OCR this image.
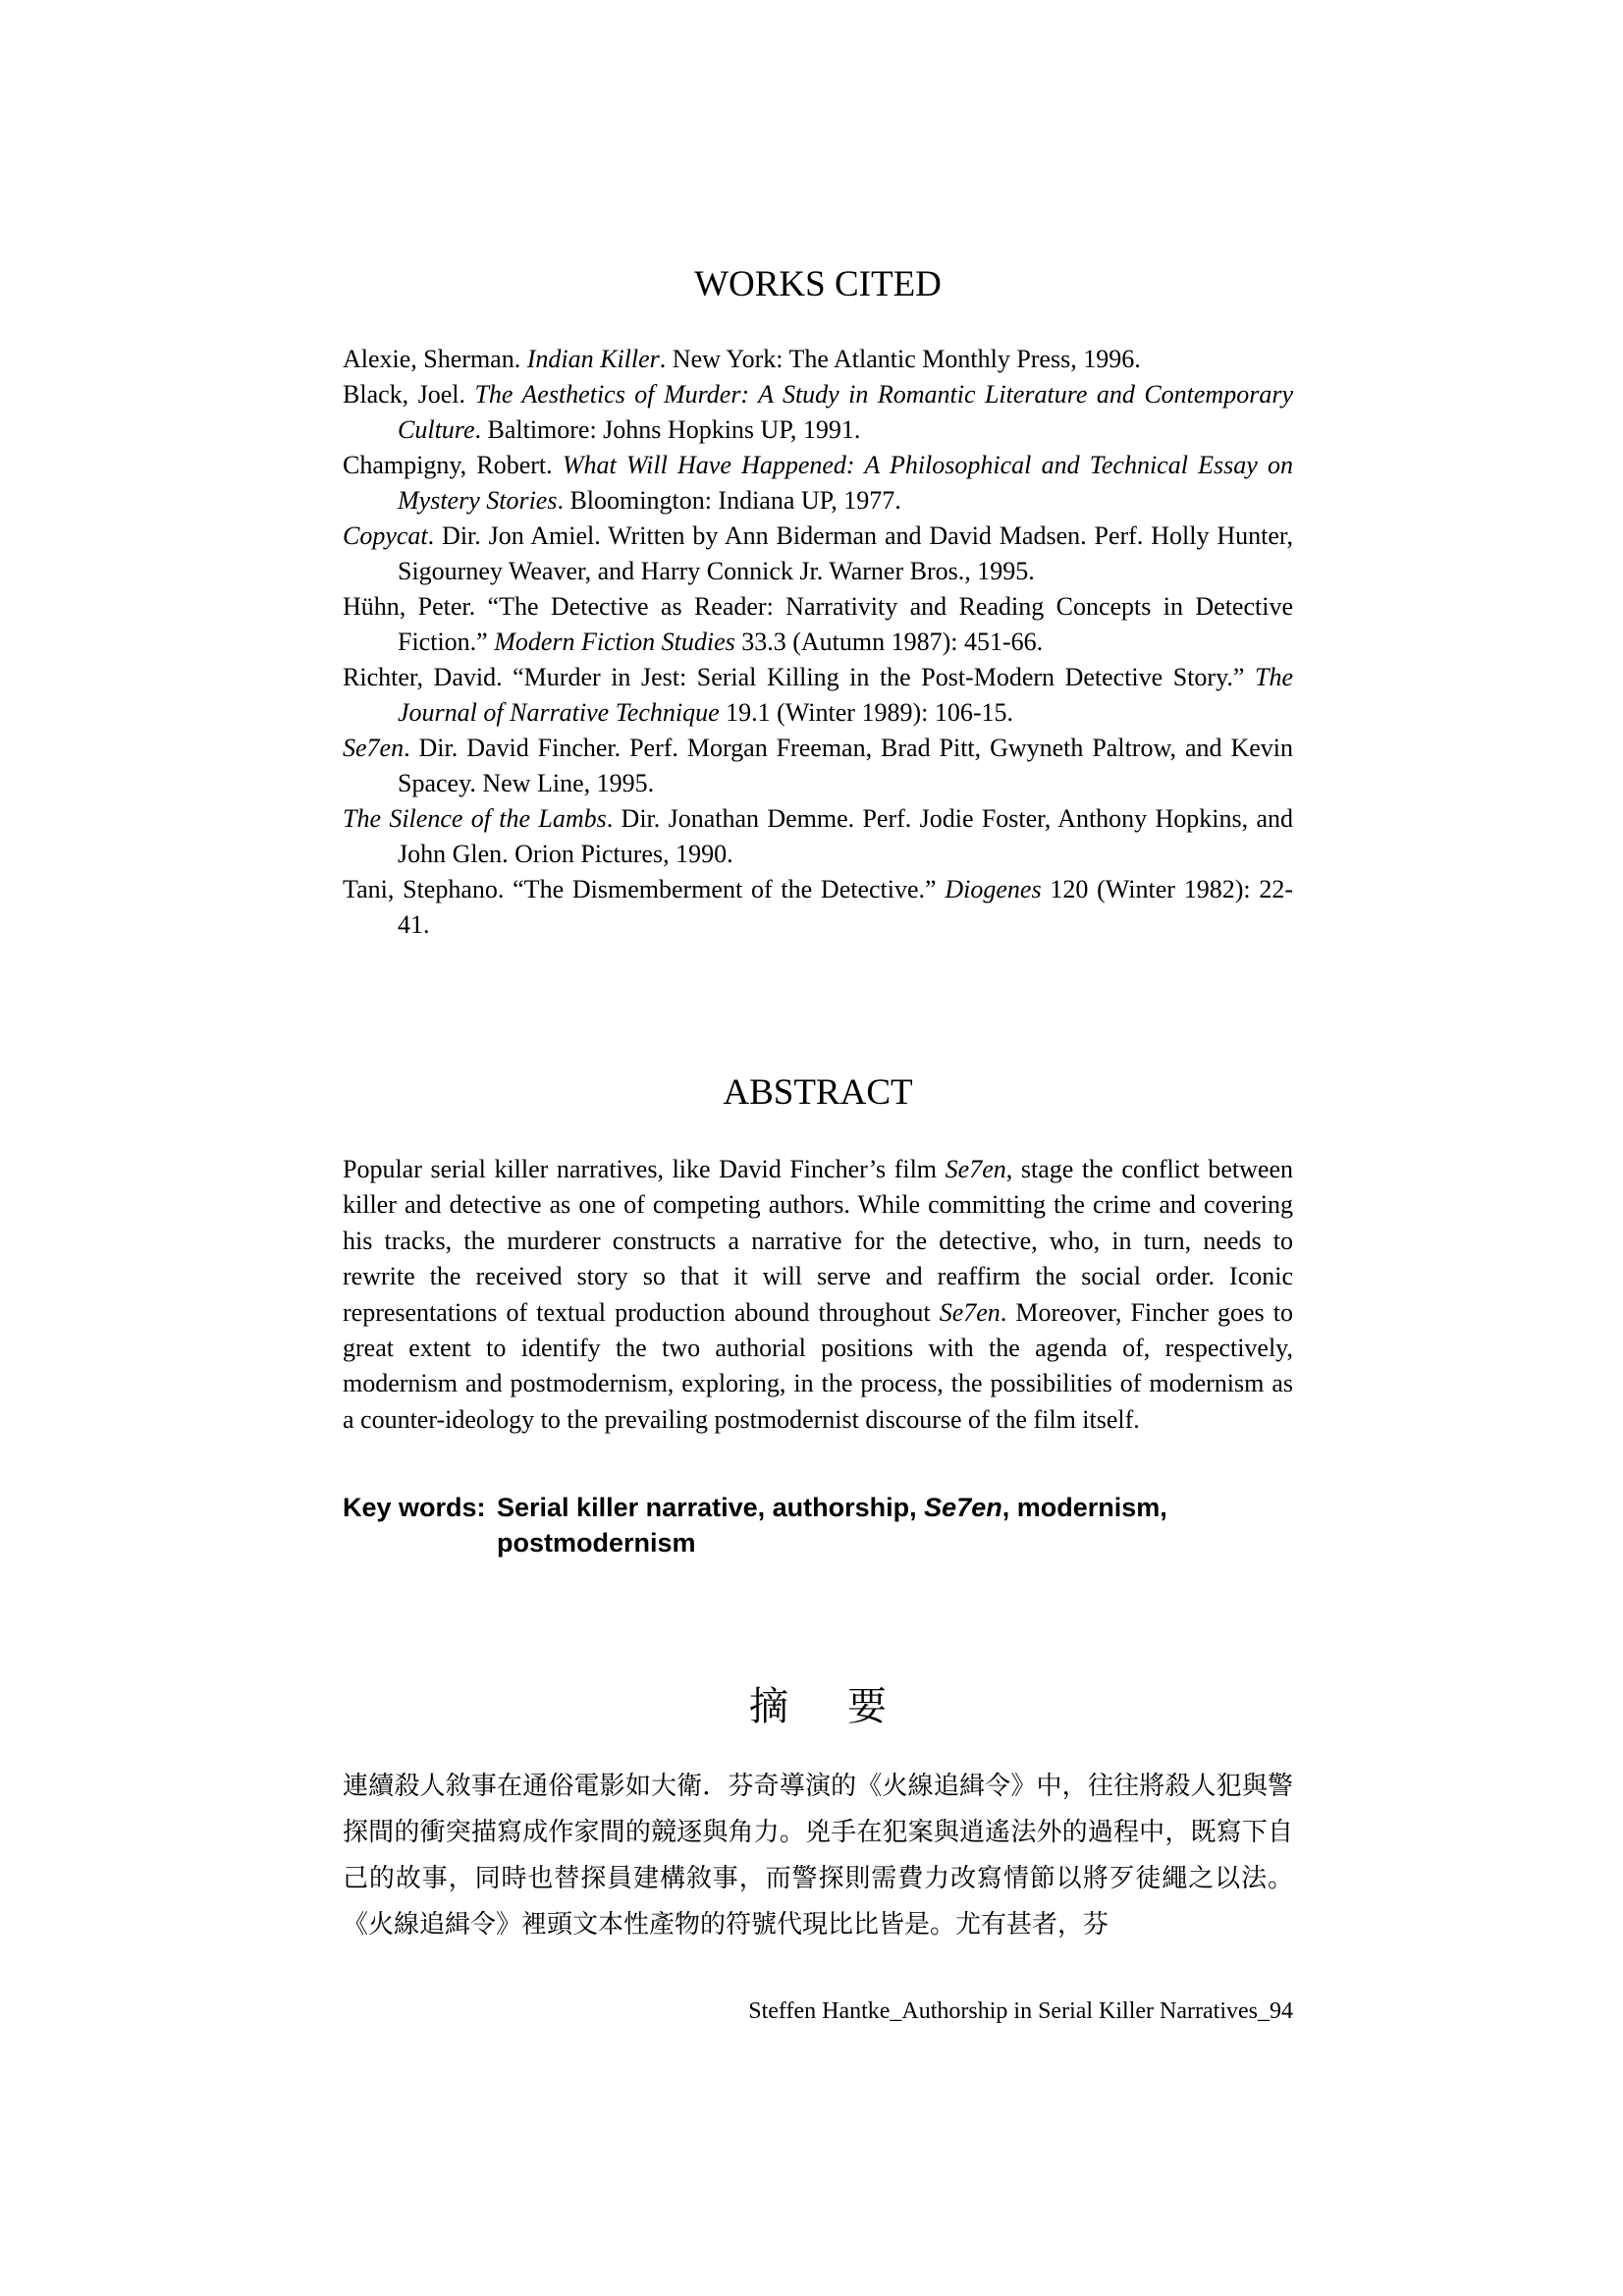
WORKS CITED

Alexie, Sherman. Indian Killer. New York: The Atlantic Monthly Press, 1996.

Black, Joel. The Aesthetics of Murder: A Study in Romantic Literature and Contemporary Culture. Baltimore: Johns Hopkins UP, 1991.

Champigny, Robert. What Will Have Happened: A Philosophical and Technical Essay on Mystery Stories. Bloomington: Indiana UP, 1977.

Copycat. Dir. Jon Amiel. Written by Ann Biderman and David Madsen. Perf. Holly Hunter, Sigourney Weaver, and Harry Connick Jr. Warner Bros., 1995.

Hühn, Peter. “The Detective as Reader: Narrativity and Reading Concepts in Detective Fiction.” Modern Fiction Studies 33.3 (Autumn 1987): 451-66.

Richter, David. “Murder in Jest: Serial Killing in the Post-Modern Detective Story.” The Journal of Narrative Technique 19.1 (Winter 1989): 106-15.

Se7en. Dir. David Fincher. Perf. Morgan Freeman, Brad Pitt, Gwyneth Paltrow, and Kevin Spacey. New Line, 1995.

The Silence of the Lambs. Dir. Jonathan Demme. Perf. Jodie Foster, Anthony Hopkins, and John Glen. Orion Pictures, 1990.

Tani, Stephano. “The Dismemberment of the Detective.” Diogenes 120 (Winter 1982): 22-41.

ABSTRACT

Popular serial killer narratives, like David Fincher’s film Se7en, stage the conflict between killer and detective as one of competing authors. While committing the crime and covering his tracks, the murderer constructs a narrative for the detective, who, in turn, needs to rewrite the received story so that it will serve and reaffirm the social order. Iconic representations of textual production abound throughout Se7en. Moreover, Fincher goes to great extent to identify the two authorial positions with the agenda of, respectively, modernism and postmodernism, exploring, in the process, the possibilities of modernism as a counter-ideology to the prevailing postmodernist discourse of the film itself.

Key words: Serial killer narrative, authorship, Se7en, modernism, postmodernism
摘要

連續殺人敘事在通俗電影如大衛．芬奇導演的《火線追緝令》中，往往將殺人犯與警探間的衝突描寫成作家間的競逐與角力。兇手在犯案與逍遙法外的過程中，既寫下自己的故事，同時也替探員建構敘事，而警探則需費力改寫情節以將歹徒繩之以法。《火線追緝令》裡頭文本性產物的符號代現比比皆是。尤有甚者，芬

Steffen Hantke_Authorship in Serial Killer Narratives_94
